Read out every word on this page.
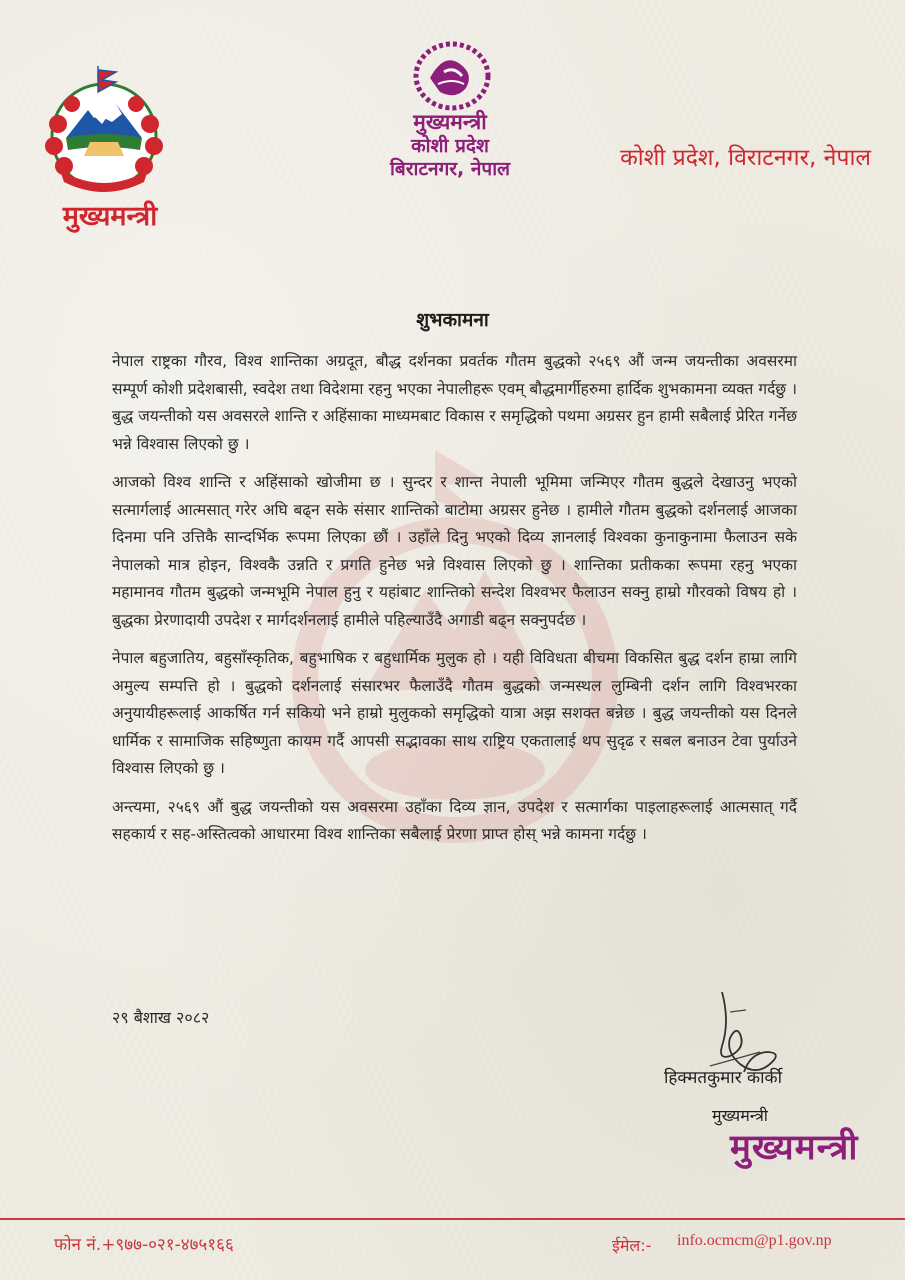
मुख्यमन्त्री
मुख्यमन्त्री
कोशी प्रदेश
बिराटनगर, नेपाल	कोशी प्रदेश, विराटनगर, नेपाल
शुभकामना

नेपाल राष्ट्रका गौरव, विश्व शान्तिका अग्रदूत, बौद्ध दर्शनका प्रवर्तक गौतम बुद्धको २५६९ औं जन्म जयन्तीका अवसरमा सम्पूर्ण कोशी प्रदेशबासी, स्वदेश तथा विदेशमा रहनु भएका नेपालीहरू एवम् बौद्धमार्गीहरुमा हार्दिक शुभकामना व्यक्त गर्दछु । बुद्ध जयन्तीको यस अवसरले शान्ति र अहिंसाका माध्यमबाट विकास र समृद्धिको पथमा अग्रसर हुन हामी सबैलाई प्रेरित गर्नेछ भन्ने विश्वास लिएको छु ।

आजको विश्व शान्ति र अहिंसाको खोजीमा छ । सुन्दर र शान्त नेपाली भूमिमा जन्मिएर गौतम बुद्धले देखाउनु भएको सत्मार्गलाई आत्मसात् गरेर अघि बढ्न सके संसार शान्तिको बाटोमा अग्रसर हुनेछ । हामीले गौतम बुद्धको दर्शनलाई आजका दिनमा पनि उत्तिकै सान्दर्भिक रूपमा लिएका छौं । उहाँले दिनु भएको दिव्य ज्ञानलाई विश्वका कुनाकुनामा फैलाउन सके नेपालको मात्र होइन, विश्वकै उन्नति र प्रगति हुनेछ भन्ने विश्वास लिएको छु । शान्तिका प्रतीकका रूपमा रहनु भएका महामानव गौतम बुद्धको जन्मभूमि नेपाल हुनु र यहांबाट शान्तिको सन्देश विश्वभर फैलाउन सक्नु हाम्रो गौरवको विषय हो । बुद्धका प्रेरणादायी उपदेश र मार्गदर्शनलाई हामीले पहिल्याउँदै अगाडी बढ्न सक्नुपर्दछ ।

नेपाल बहुजातिय, बहुसाँस्कृतिक, बहुभाषिक र बहुधार्मिक मुलुक हो । यही विविधता बीचमा विकसित बुद्ध दर्शन हाम्रा लागि अमुल्य सम्पत्ति हो । बुद्धको दर्शनलाई संसारभर फैलाउँदै गौतम बुद्धको जन्मस्थल लुम्बिनी दर्शन लागि विश्वभरका अनुयायीहरूलाई आकर्षित गर्न सकियो भने हाम्रो मुलुकको समृद्धिको यात्रा अझ सशक्त बन्नेछ । बुद्ध जयन्तीको यस दिनले धार्मिक र सामाजिक सहिष्णुता कायम गर्दै आपसी सद्भावका साथ राष्ट्रिय एकतालाई थप सुदृढ र सबल बनाउन टेवा पुर्याउने विश्वास लिएको छु ।

अन्त्यमा, २५६९ औं बुद्ध जयन्तीको यस अवसरमा उहाँका दिव्य ज्ञान, उपदेश र सत्मार्गका पाइलाहरूलाई आत्मसात् गर्दै सहकार्य र सह-अस्तित्वको आधारमा विश्व शान्तिका सबैलाई प्रेरणा प्राप्त होस् भन्ने कामना गर्दछु ।

२९ बैशाख २०८२
हिक्मतकुमार कार्की
मुख्यमन्त्री
मुख्यमन्त्री
फोन नं.+९७७-०२१-४७५१६६	ईमेल:- info.ocmcm@p1.gov.np
